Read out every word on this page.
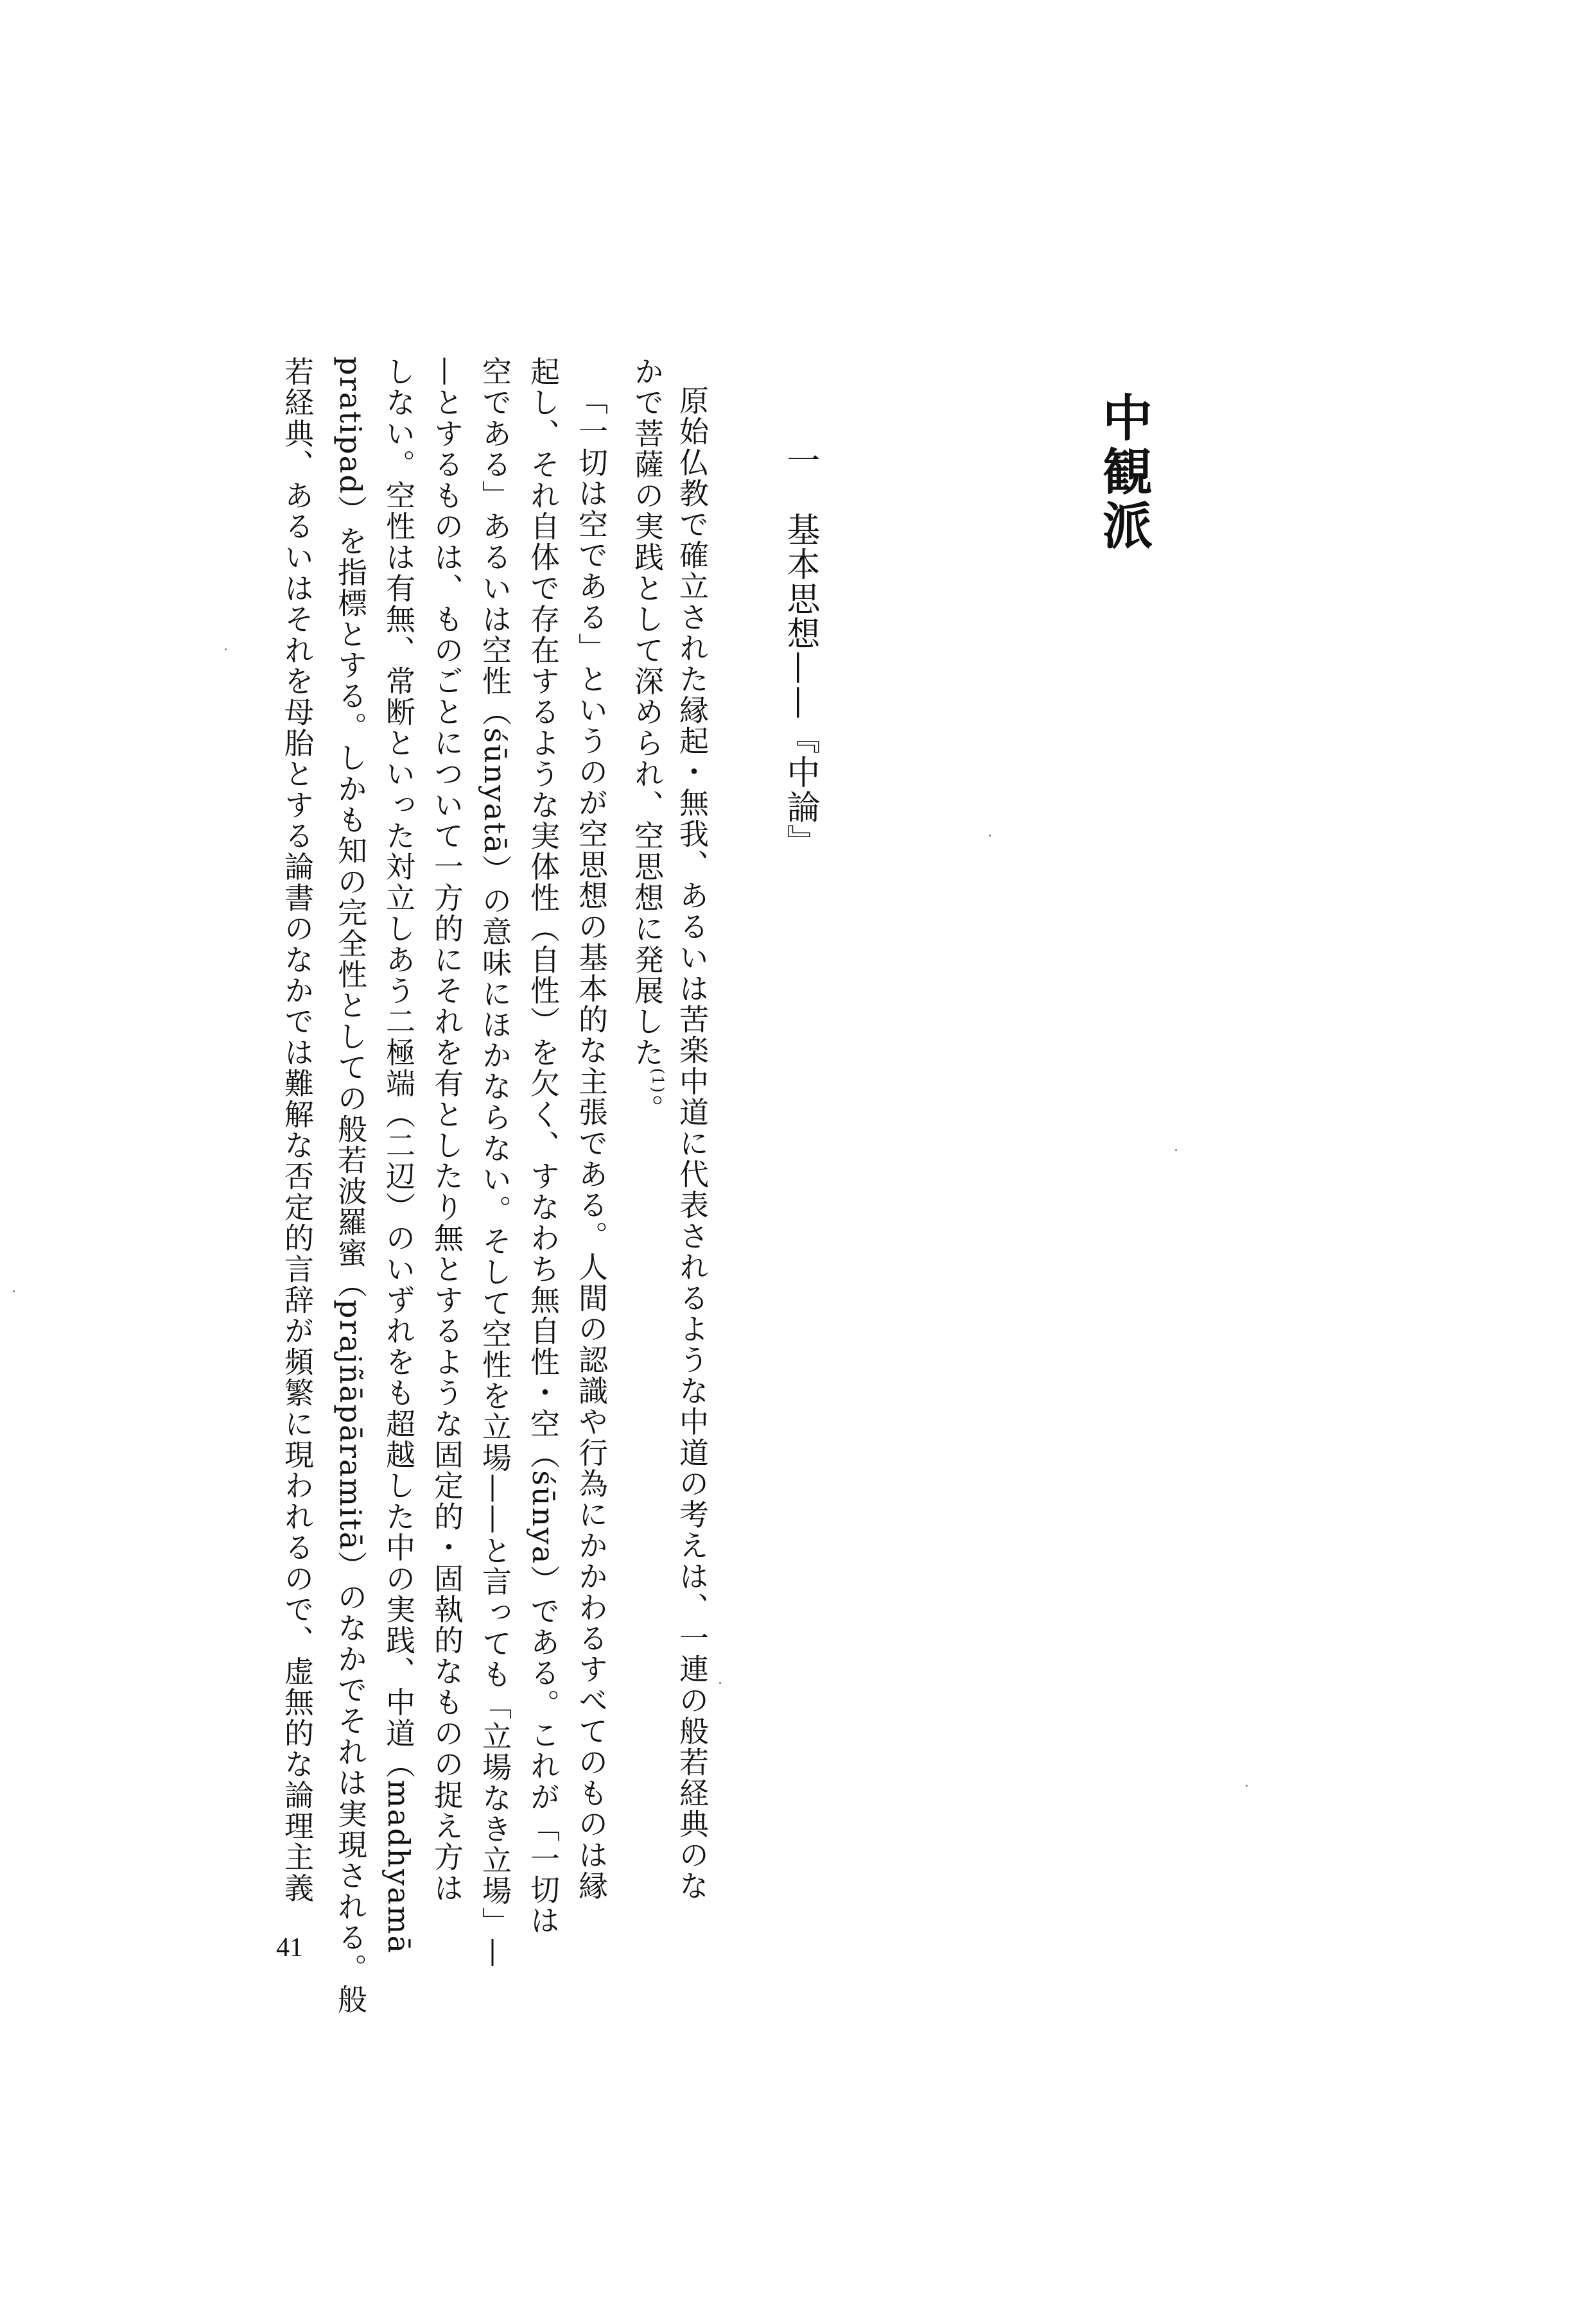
中観派
一　基本思想——『中論』
原始仏教で確立された縁起・無我、あるいは苦楽中道に代表されるような中道の考えは、一連の般若経典のな
かで菩薩の実践として深められ、空思想に発展した$^{(1)}$。
「一切は空である」というのが空思想の基本的な主張である。人間の認識や行為にかかわるすべてのものは縁
起し、それ自体で存在するような実体性（自性）を欠く、すなわち無自性・空（śūnya）である。これが「一切は
空である」あるいは空性（śūnyatā）の意味にほかならない。そして空性を立場——と言っても「立場なき立場」—
—とするものは、ものごとについて一方的にそれを有としたり無とするような固定的・固執的なものの捉え方は
しない。空性は有無、常断といった対立しあう二極端（二辺）のいずれをも超越した中の実践、中道（madhyamā
pratipad）を指標とする。しかも知の完全性としての般若波羅蜜（prajñāpāramitā）のなかでそれは実現される。般
若経典、あるいはそれを母胎とする論書のなかでは難解な否定的言辞が頻繁に現われるので、虚無的な論理主義
41
